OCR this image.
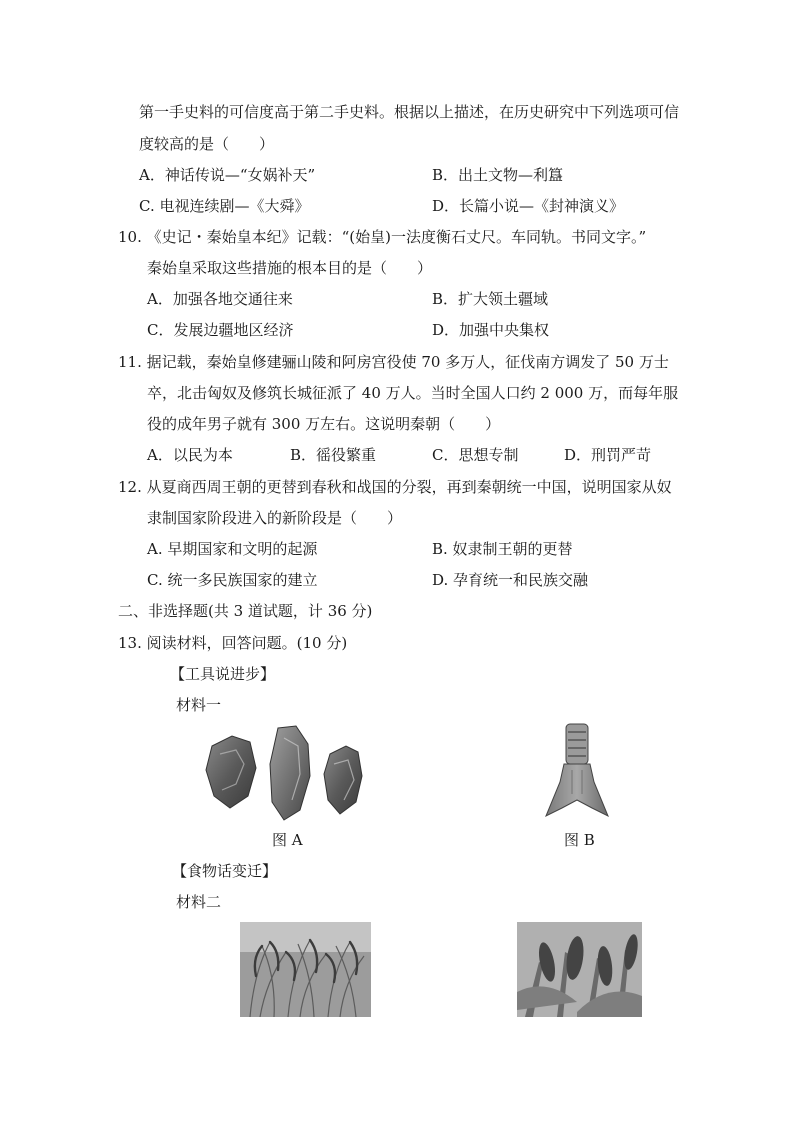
第一手史料的可信度高于第二手史料。根据以上描述，在历史研究中下列选项可信
度较高的是（　　）
A．神话传说—“女娲补天”	B．出土文物—利簋
C. 电视连续剧—《大舜》	D．长篇小说—《封神演义》
10. 《史记・秦始皇本纪》记载：“(始皇)一法度衡石丈尺。车同轨。书同文字。”
秦始皇采取这些措施的根本目的是（　　）
A．加强各地交通往来	B．扩大领土疆域
C．发展边疆地区经济	D．加强中央集权
11. 据记载，秦始皇修建骊山陵和阿房宫役使 70 多万人，征伐南方调发了 50 万士
卒，北击匈奴及修筑长城征派了 40 万人。当时全国人口约 2 000 万，而每年服
役的成年男子就有 300 万左右。这说明秦朝（　　）
A．以民为本	B．徭役繁重	C．思想专制	D．刑罚严苛
12. 从夏商西周王朝的更替到春秋和战国的分裂，再到秦朝统一中国，说明国家从奴
隶制国家阶段进入的新阶段是（　　）
A. 早期国家和文明的起源	B. 奴隶制王朝的更替
C. 统一多民族国家的建立	D. 孕育统一和民族交融
二、非选择题(共 3 道试题，计 36 分)
13. 阅读材料，回答问题。(10 分)
【工具说进步】
材料一
图 A	图 B
【食物话变迁】
材料二
